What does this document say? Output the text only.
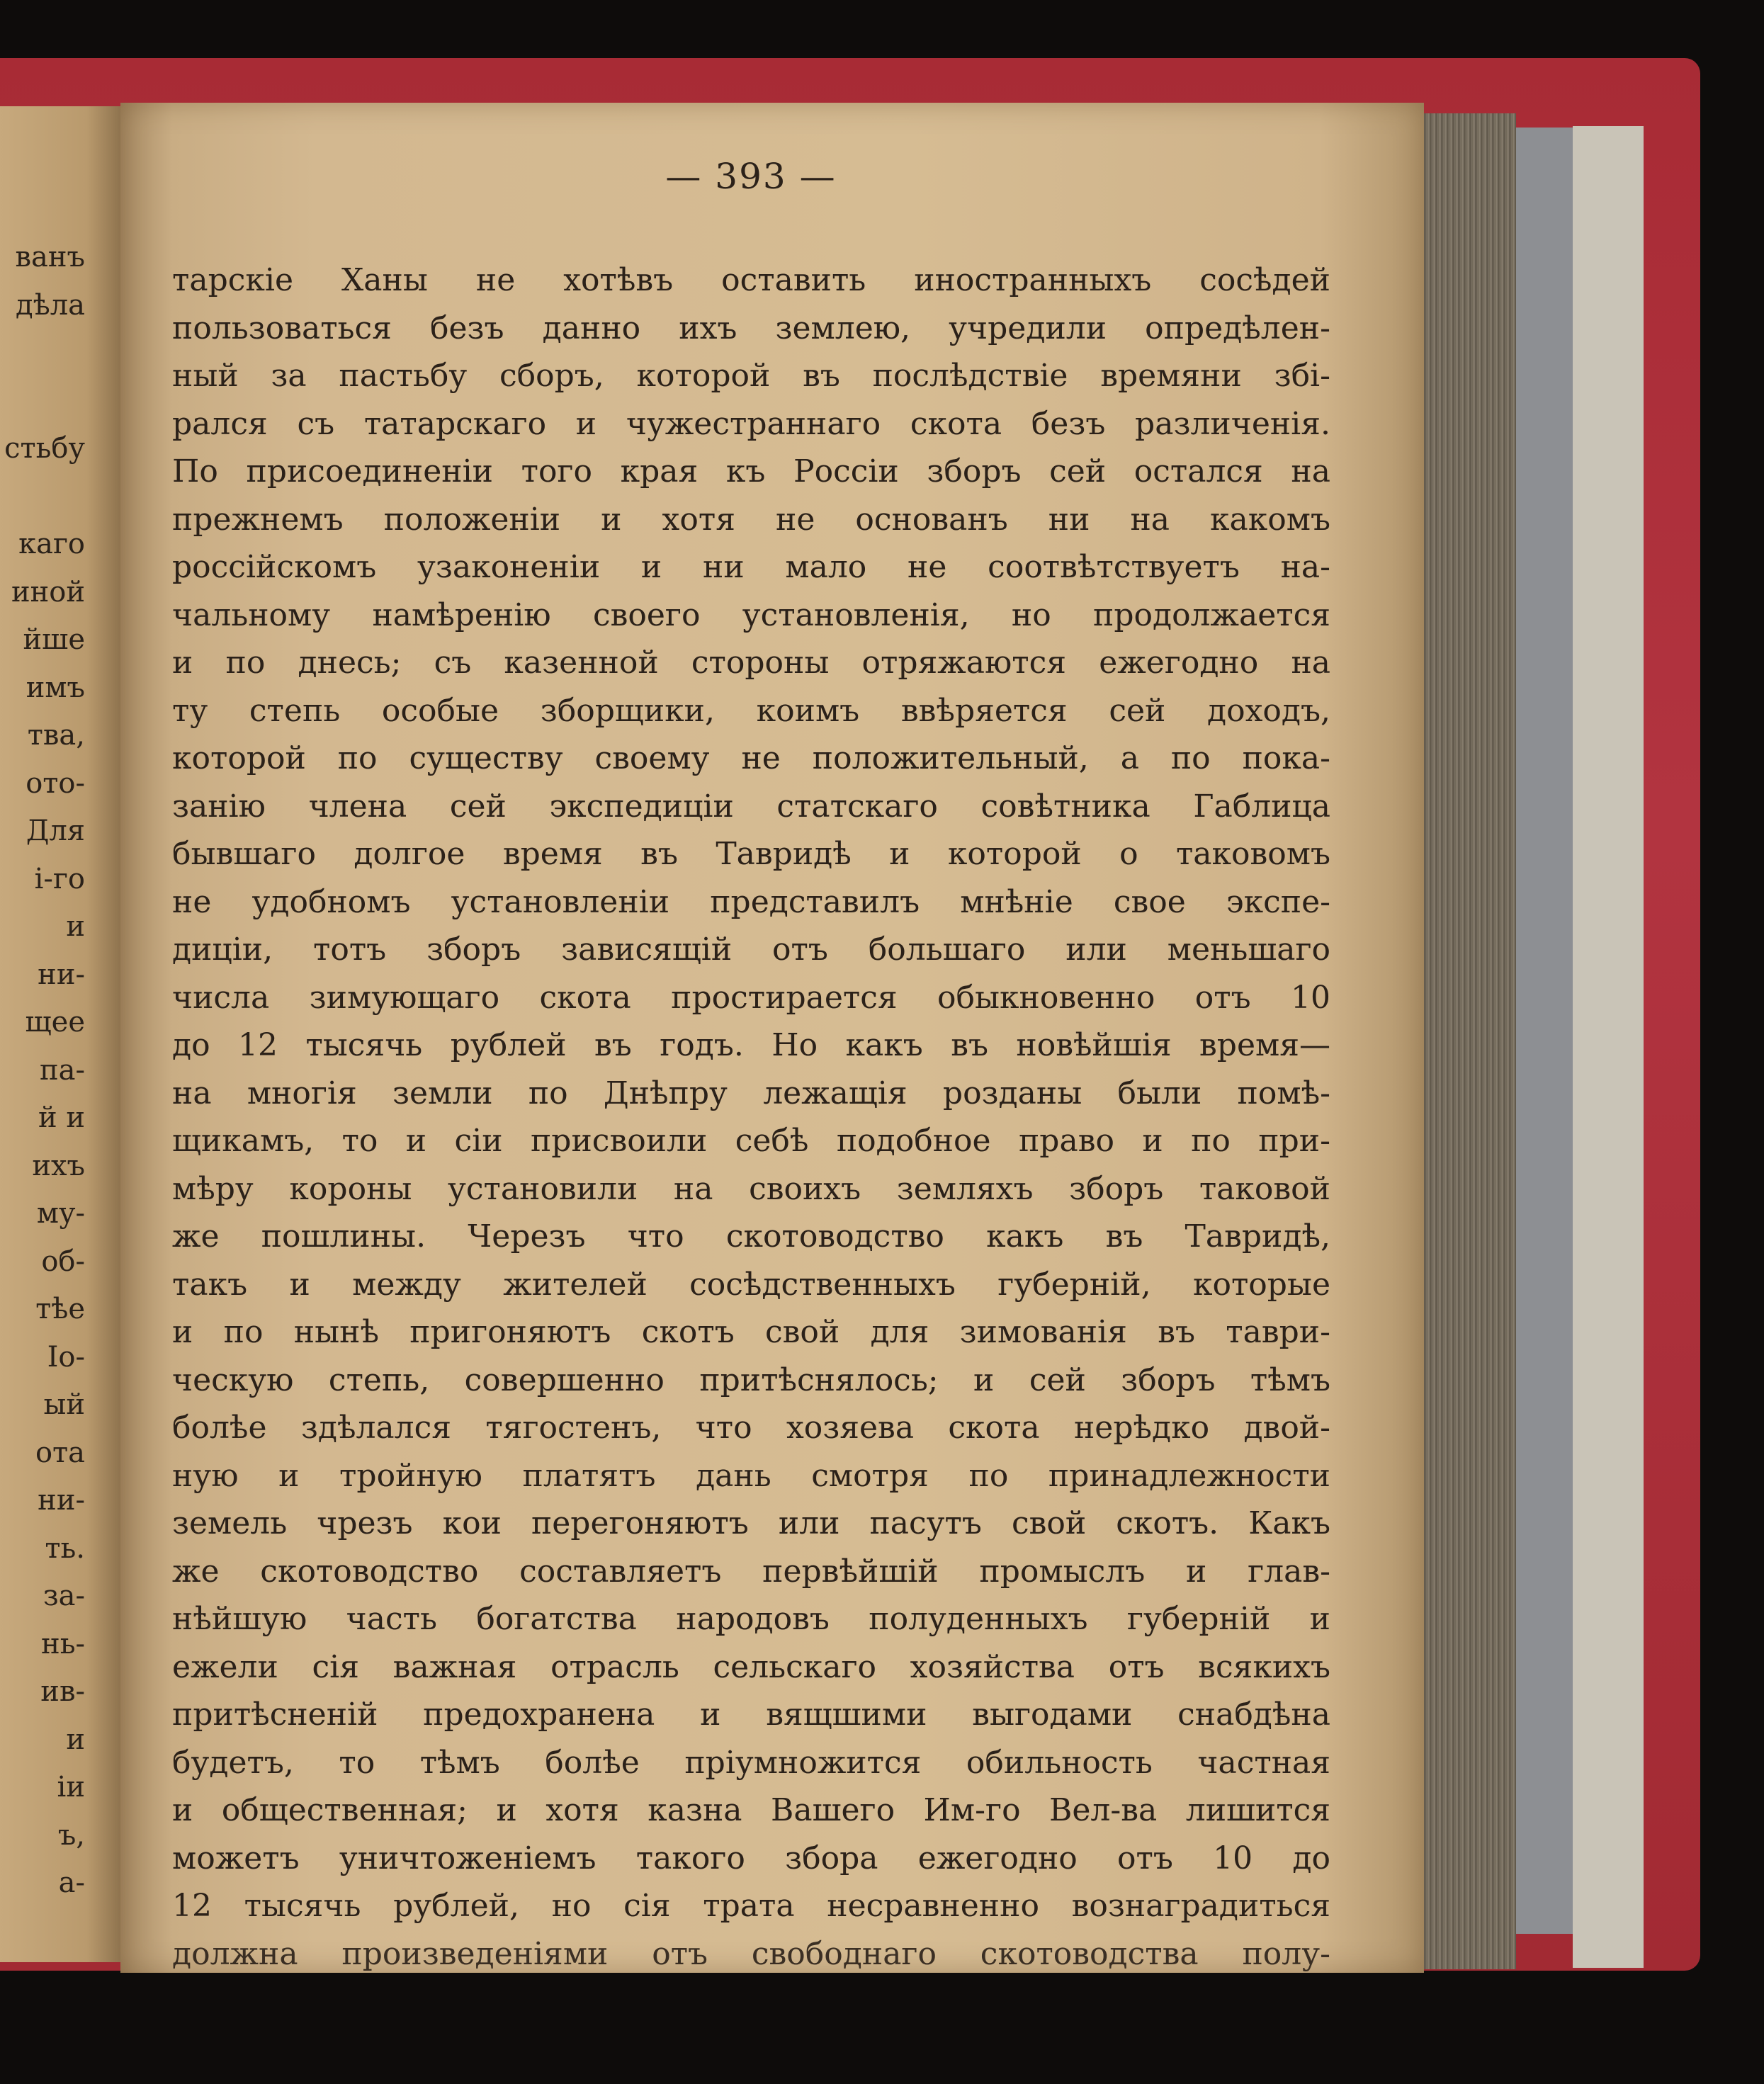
ванъ
дѣла
стьбу
каго
иной
йше
имъ
тва,
ото-
Для
і-го
и
ни-
щее
па-
й и
ихъ
му-
об-
тѣе
Іо-
ый
ота
ни-
ть.
за-
нь-
ив-
и
іи
ъ,
а-
— 393 —
тарскіе Ханы не хотѣвъ оставить иностранныхъ сосѣдей
пользоваться безъ данно ихъ землею, учредили опредѣлен-
ный за пастьбу сборъ, которой въ послѣдствіе времяни збі-
рался съ татарскаго и чужестраннаго скота безъ различенія.
По присоединеніи того края къ Россіи зборъ сей остался на
прежнемъ положеніи и хотя не основанъ ни на какомъ
россійскомъ узаконеніи и ни мало не соотвѣтствуетъ на-
чальному намѣренію своего установленія, но продолжается
и по днесь; съ казенной стороны отряжаются ежегодно на
ту степь особые зборщики, коимъ ввѣряется сей доходъ,
которой по существу своему не положительный, а по пока-
занію члена сей экспедиціи статскаго совѣтника Габлица
бывшаго долгое время въ Тавридѣ и которой о таковомъ
не удобномъ установленіи представилъ мнѣніе свое экспе-
диціи, тотъ зборъ зависящій отъ большаго или меньшаго
числа зимующаго скота простирается обыкновенно отъ 10
до 12 тысячь рублей въ годъ. Но какъ въ новѣйшія время—
на многія земли по Днѣпру лежащія розданы были помѣ-
щикамъ, то и сіи присвоили себѣ подобное право и по при-
мѣру короны установили на своихъ земляхъ зборъ таковой
же пошлины. Черезъ что скотоводство какъ въ Тавридѣ,
такъ и между жителей сосѣдственныхъ губерній, которые
и по нынѣ пригоняютъ скотъ свой для зимованія въ таври-
ческую степь, совершенно притѣснялось; и сей зборъ тѣмъ
болѣе здѣлался тягостенъ, что хозяева скота нерѣдко двой-
ную и тройную платятъ дань смотря по принадлежности
земель чрезъ кои перегоняютъ или пасутъ свой скотъ. Какъ
же скотоводство составляетъ первѣйшій промыслъ и глав-
нѣйшую часть богатства народовъ полуденныхъ губерній и
ежели сія важная отрасль сельскаго хозяйства отъ всякихъ
притѣсненій предохранена и вящшими выгодами снабдѣна
будетъ, то тѣмъ болѣе пріумножится обильность частная
и общественная; и хотя казна Вашего Им-го Вел-ва лишится
можетъ уничтоженіемъ такого збора ежегодно отъ 10 до
12 тысячь рублей, но сія трата несравненно вознаградиться
должна произведеніями отъ свободнаго скотоводства полу-
